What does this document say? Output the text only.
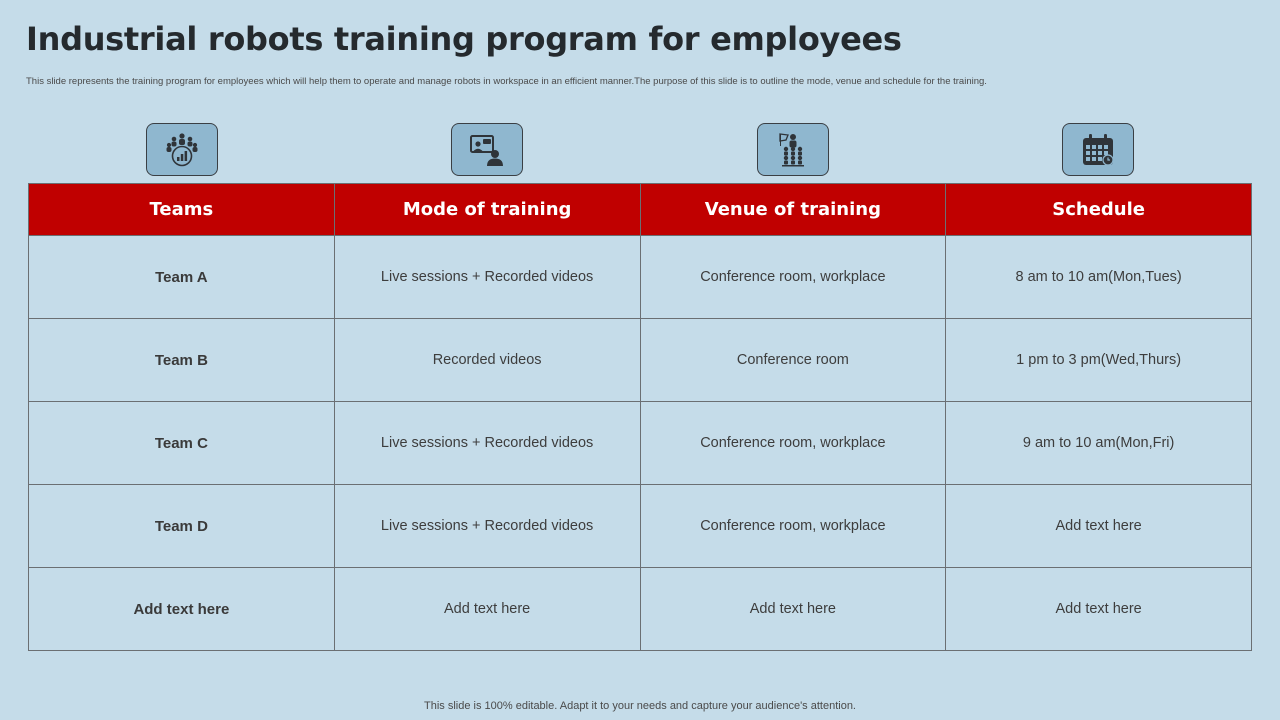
Industrial robots training program for employees

This slide represents the training program for employees which will help them to operate and manage robots in workspace in an efficient manner.The purpose of this slide is to outline the mode, venue and schedule for the training.

Teams	Mode of training	Venue of training	Schedule
Team A	Live sessions + Recorded videos	Conference room, workplace	8 am to 10 am(Mon,Tues)
Team B	Recorded videos	Conference room	1 pm to 3 pm(Wed,Thurs)
Team C	Live sessions + Recorded videos	Conference room, workplace	9 am to 10 am(Mon,Fri)
Team D	Live sessions + Recorded videos	Conference room, workplace	Add text here
Add text here	Add text here	Add text here	Add text here

This slide is 100% editable. Adapt it to your needs and capture your audience's attention.
